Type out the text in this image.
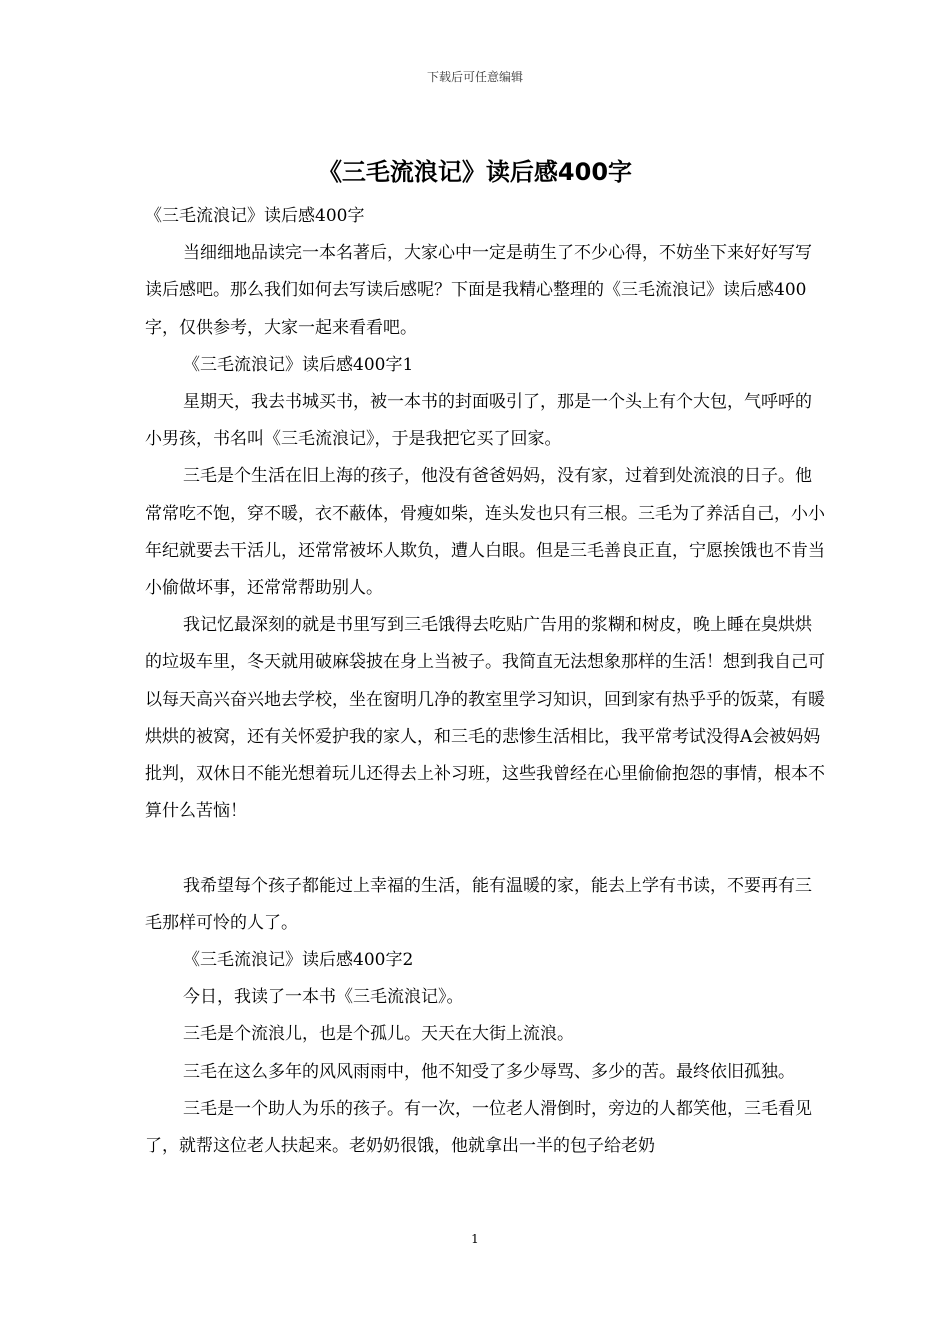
下载后可任意编辑
《三毛流浪记》读后感400字

《三毛流浪记》读后感400字

当细细地品读完一本名著后，大家心中一定是萌生了不少心得，不妨坐下来好好写写读后感吧。那么我们如何去写读后感呢？下面是我精心整理的《三毛流浪记》读后感400字，仅供参考，大家一起来看看吧。

《三毛流浪记》读后感400字1

星期天，我去书城买书，被一本书的封面吸引了，那是一个头上有个大包，气呼呼的小男孩，书名叫《三毛流浪记》，于是我把它买了回家。

三毛是个生活在旧上海的孩子，他没有爸爸妈妈，没有家，过着到处流浪的日子。他常常吃不饱，穿不暖，衣不蔽体，骨瘦如柴，连头发也只有三根。三毛为了养活自己，小小年纪就要去干活儿，还常常被坏人欺负，遭人白眼。但是三毛善良正直，宁愿挨饿也不肯当小偷做坏事，还常常帮助别人。

我记忆最深刻的就是书里写到三毛饿得去吃贴广告用的浆糊和树皮，晚上睡在臭烘烘的垃圾车里，冬天就用破麻袋披在身上当被子。我简直无法想象那样的生活！想到我自己可以每天高兴奋兴地去学校，坐在窗明几净的教室里学习知识，回到家有热乎乎的饭菜，有暖烘烘的被窝，还有关怀爱护我的家人，和三毛的悲惨生活相比，我平常考试没得A会被妈妈批判，双休日不能光想着玩儿还得去上补习班，这些我曾经在心里偷偷抱怨的事情，根本不算什么苦恼！

我希望每个孩子都能过上幸福的生活，能有温暖的家，能去上学有书读，不要再有三毛那样可怜的人了。

《三毛流浪记》读后感400字2

今日，我读了一本书《三毛流浪记》。

三毛是个流浪儿，也是个孤儿。天天在大街上流浪。

三毛在这么多年的风风雨雨中，他不知受了多少辱骂、多少的苦。最终依旧孤独。

三毛是一个助人为乐的孩子。有一次，一位老人滑倒时，旁边的人都笑他，三毛看见了，就帮这位老人扶起来。老奶奶很饿，他就拿出一半的包子给老奶

1
